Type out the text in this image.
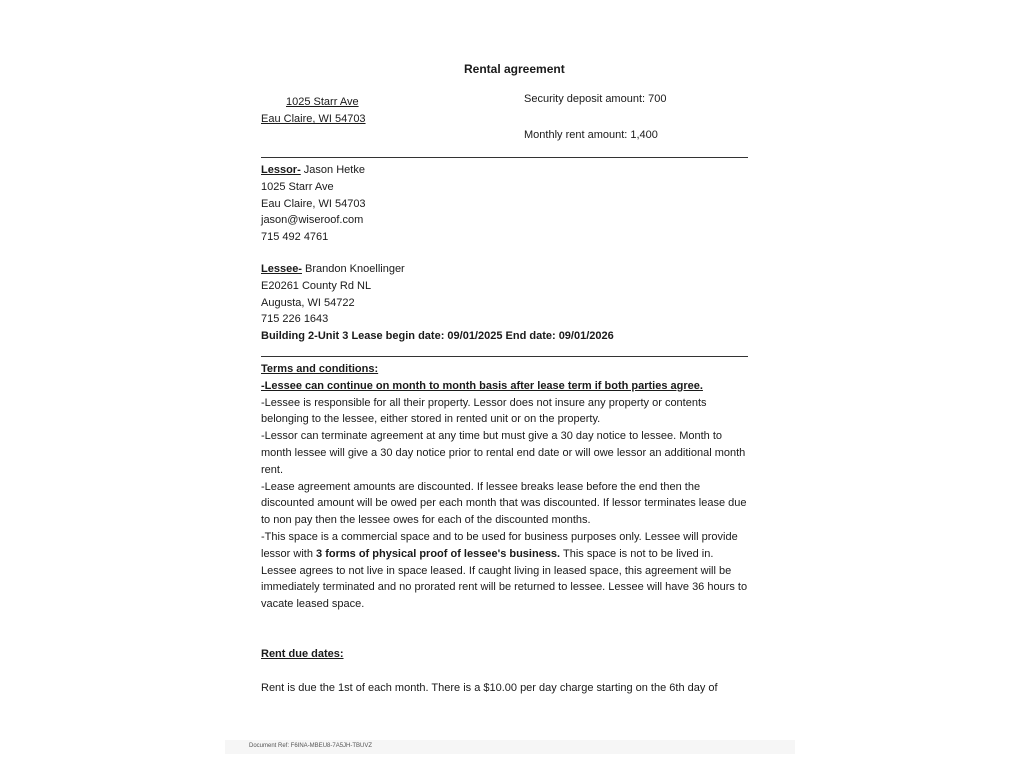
Rental agreement
1025 Starr Ave
Eau Claire, WI 54703
Security deposit amount: 700
Monthly rent amount: 1,400
Lessor- Jason Hetke
1025 Starr Ave
Eau Claire, WI 54703
jason@wiseroof.com
715 492 4761
Lessee- Brandon Knoellinger
E20261 County Rd NL
Augusta, WI 54722
715 226 1643
Building 2-Unit 3 Lease begin date: 09/01/2025 End date: 09/01/2026
Terms and conditions:
-Lessee can continue on month to month basis after lease term if both parties agree.
-Lessee is responsible for all their property. Lessor does not insure any property or contents
belonging to the lessee, either stored in rented unit or on the property.
-Lessor can terminate agreement at any time but must give a 30 day notice to lessee. Month to
month lessee will give a 30 day notice prior to rental end date or will owe lessor an additional month
rent.
-Lease agreement amounts are discounted. If lessee breaks lease before the end then the
discounted amount will be owed per each month that was discounted. If lessor terminates lease due
to non pay then the lessee owes for each of the discounted months.
-This space is a commercial space and to be used for business purposes only. Lessee will provide
lessor with 3 forms of physical proof of lessee's business. This space is not to be lived in.
Lessee agrees to not live in space leased. If caught living in leased space, this agreement will be
immediately terminated and no prorated rent will be returned to lessee. Lessee will have 36 hours to
vacate leased space.
Rent due dates:
Rent is due the 1st of each month. There is a $10.00 per day charge starting on the 6th day of
Document Ref: F6INA-MBEU8-7A5JH-TBUVZ
